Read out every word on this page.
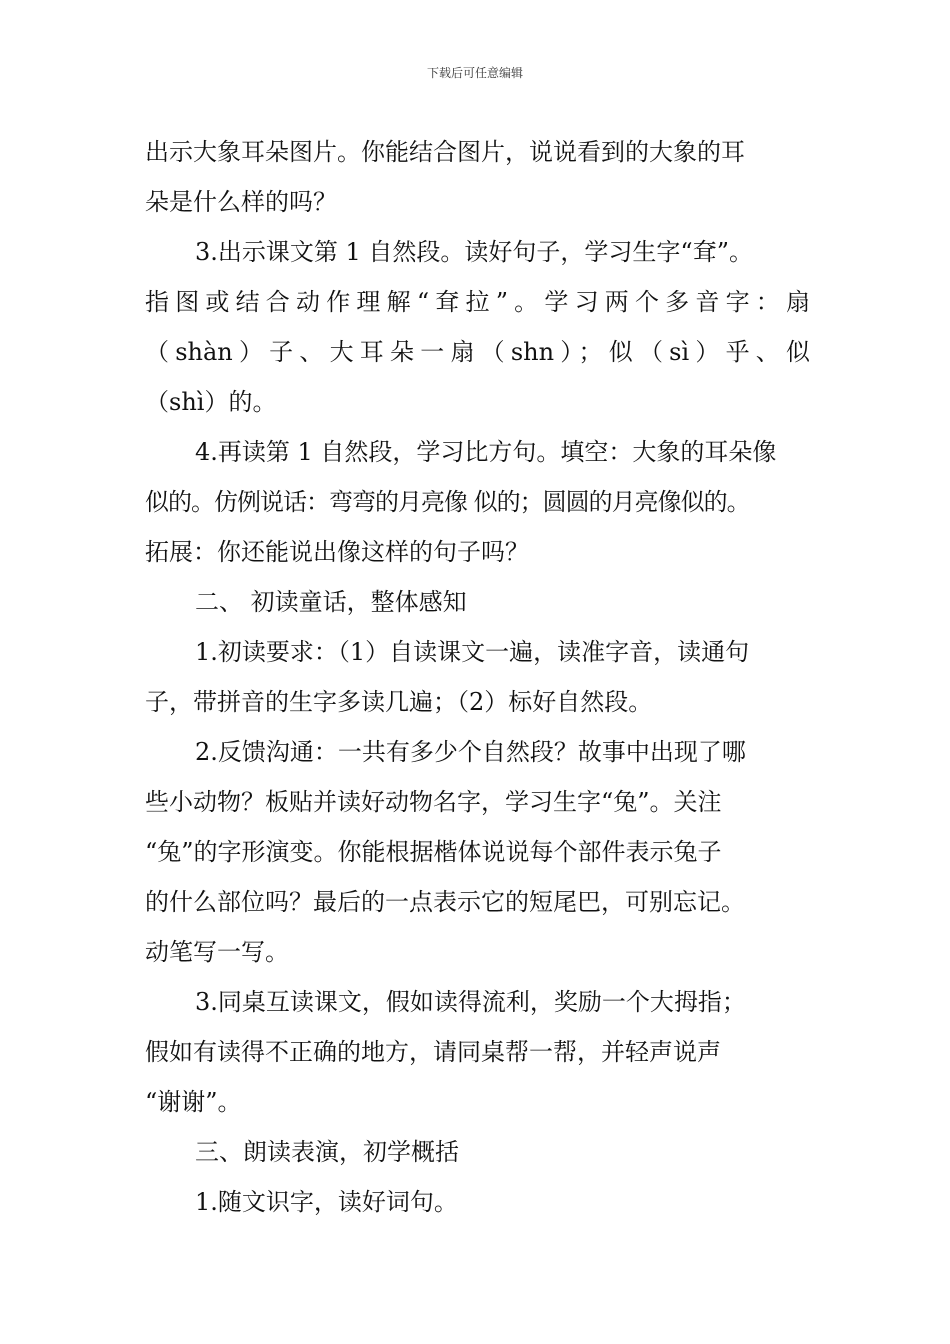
下载后可任意编辑
出示大象耳朵图片。你能结合图片，说说看到的大象的耳
朵是什么样的吗？
3.出示课文第 1 自然段。读好句子，学习生字“耷”。
指图或结合动作理解“耷拉”。学习两个多音字：扇
（shàn）子、大耳朵一扇（shn）；似（sì）乎、似
（shì）的。
4.再读第 1 自然段，学习比方句。填空：大象的耳朵像
似的。仿例说话：弯弯的月亮像 似的；圆圆的月亮像似的。
拓展：你还能说出像这样的句子吗？
二、 初读童话，整体感知
1.初读要求：（1）自读课文一遍，读准字音，读通句
子，带拼音的生字多读几遍；（2）标好自然段。
2.反馈沟通：一共有多少个自然段？故事中出现了哪
些小动物？板贴并读好动物名字，学习生字“兔”。关注
“兔”的字形演变。你能根据楷体说说每个部件表示兔子
的什么部位吗？最后的一点表示它的短尾巴，可别忘记。
动笔写一写。
3.同桌互读课文，假如读得流利，奖励一个大拇指；
假如有读得不正确的地方，请同桌帮一帮，并轻声说声
“谢谢”。
三、朗读表演，初学概括
1.随文识字，读好词句。
